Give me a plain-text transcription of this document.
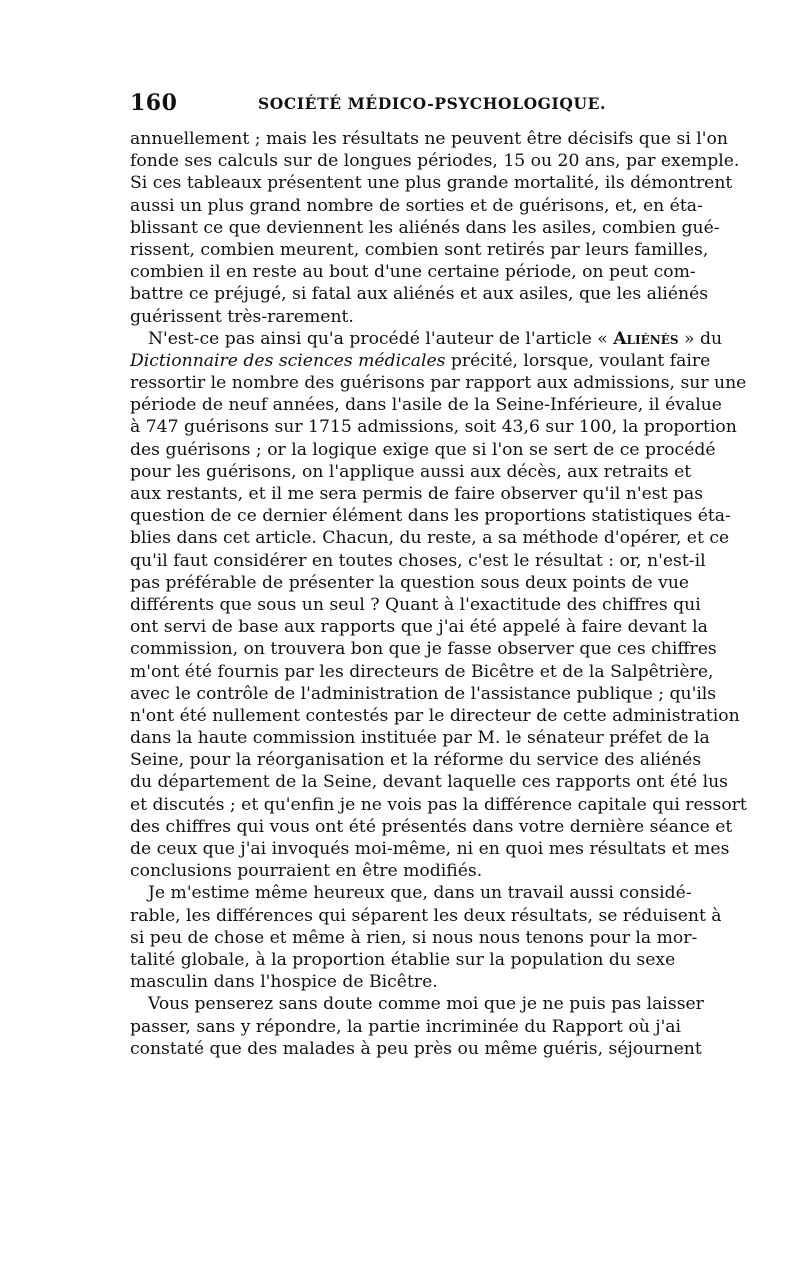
160	SOCIÉTÉ MÉDICO-PSYCHOLOGIQUE.
annuellement ; mais les résultats ne peuvent être décisifs que si l'on
fonde ses calculs sur de longues périodes, 15 ou 20 ans, par exemple.
Si ces tableaux présentent une plus grande mortalité, ils démontrent
aussi un plus grand nombre de sorties et de guérisons, et, en éta-
blissant ce que deviennent les aliénés dans les asiles, combien gué-
rissent, combien meurent, combien sont retirés par leurs familles,
combien il en reste au bout d'une certaine période, on peut com-
battre ce préjugé, si fatal aux aliénés et aux asiles, que les aliénés
guérissent très-rarement.
N'est-ce pas ainsi qu'a procédé l'auteur de l'article « Aliénés » du
Dictionnaire des sciences médicales précité, lorsque, voulant faire
ressortir le nombre des guérisons par rapport aux admissions, sur une
période de neuf années, dans l'asile de la Seine-Inférieure, il évalue
à 747 guérisons sur 1715 admissions, soit 43,6 sur 100, la proportion
des guérisons ; or la logique exige que si l'on se sert de ce procédé
pour les guérisons, on l'applique aussi aux décès, aux retraits et
aux restants, et il me sera permis de faire observer qu'il n'est pas
question de ce dernier élément dans les proportions statistiques éta-
blies dans cet article. Chacun, du reste, a sa méthode d'opérer, et ce
qu'il faut considérer en toutes choses, c'est le résultat : or, n'est-il
pas préférable de présenter la question sous deux points de vue
différents que sous un seul ? Quant à l'exactitude des chiffres qui
ont servi de base aux rapports que j'ai été appelé à faire devant la
commission, on trouvera bon que je fasse observer que ces chiffres
m'ont été fournis par les directeurs de Bicêtre et de la Salpêtrière,
avec le contrôle de l'administration de l'assistance publique ; qu'ils
n'ont été nullement contestés par le directeur de cette administration
dans la haute commission instituée par M. le sénateur préfet de la
Seine, pour la réorganisation et la réforme du service des aliénés
du département de la Seine, devant laquelle ces rapports ont été lus
et discutés ; et qu'enfin je ne vois pas la différence capitale qui ressort
des chiffres qui vous ont été présentés dans votre dernière séance et
de ceux que j'ai invoqués moi-même, ni en quoi mes résultats et mes
conclusions pourraient en être modifiés.
Je m'estime même heureux que, dans un travail aussi considé-
rable, les différences qui séparent les deux résultats, se réduisent à
si peu de chose et même à rien, si nous nous tenons pour la mor-
talité globale, à la proportion établie sur la population du sexe
masculin dans l'hospice de Bicêtre.
Vous penserez sans doute comme moi que je ne puis pas laisser
passer, sans y répondre, la partie incriminée du Rapport où j'ai
constaté que des malades à peu près ou même guéris, séjournent
